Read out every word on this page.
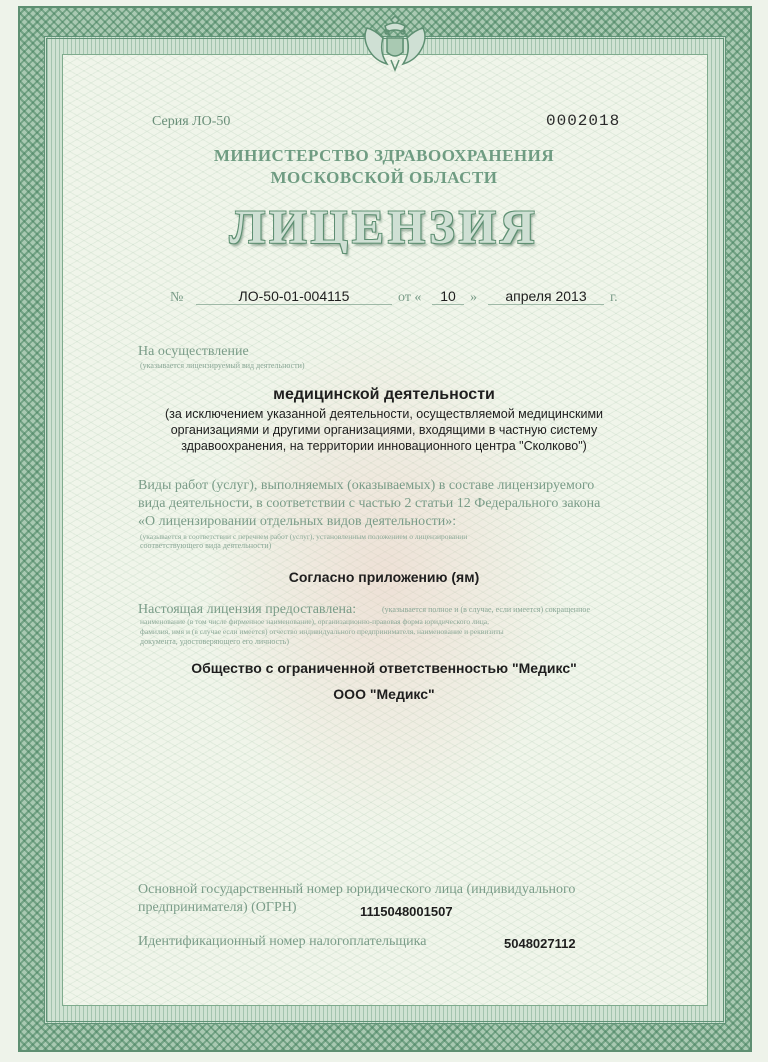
Серия ЛО-50	0002018
МИНИСТЕРСТВО ЗДРАВООХРАНЕНИЯ
МОСКОВСКОЙ ОБЛАСТИ
ЛИЦЕНЗИЯ
№	ЛО-50-01-004115	от «	10	»	апреля 2013	г.
На осуществление
(указывается лицензируемый вид деятельности)
медицинской деятельности
(за исключением указанной деятельности, осуществляемой медицинскими
организациями и другими организациями, входящими в частную систему
здравоохранения, на территории инновационного центра "Сколково")
Виды работ (услуг), выполняемых (оказываемых) в составе лицензируемого
вида деятельности, в соответствии с частью 2 статьи 12 Федерального закона
«О лицензировании отдельных видов деятельности»:
(указывается в соответствии с перечнем работ (услуг), установленным положением о лицензировании
соответствующего вида деятельности)
Согласно приложению (ям)
Настоящая лицензия предоставлена:	(указывается полное и (в случае, если имеется) сокращенное
наименование (в том числе фирменное наименование), организационно-правовая форма юридического лица,
фамилия, имя и (в случае если имеется) отчество индивидуального предпринимателя, наименование и реквизиты
документа, удостоверяющего его личность)
Общество с ограниченной ответственностью "Медикс"
ООО "Медикс"
Основной государственный номер юридического лица (индивидуального
предпринимателя) (ОГРН)	1115048001507
Идентификационный номер налогоплательщика	5048027112
